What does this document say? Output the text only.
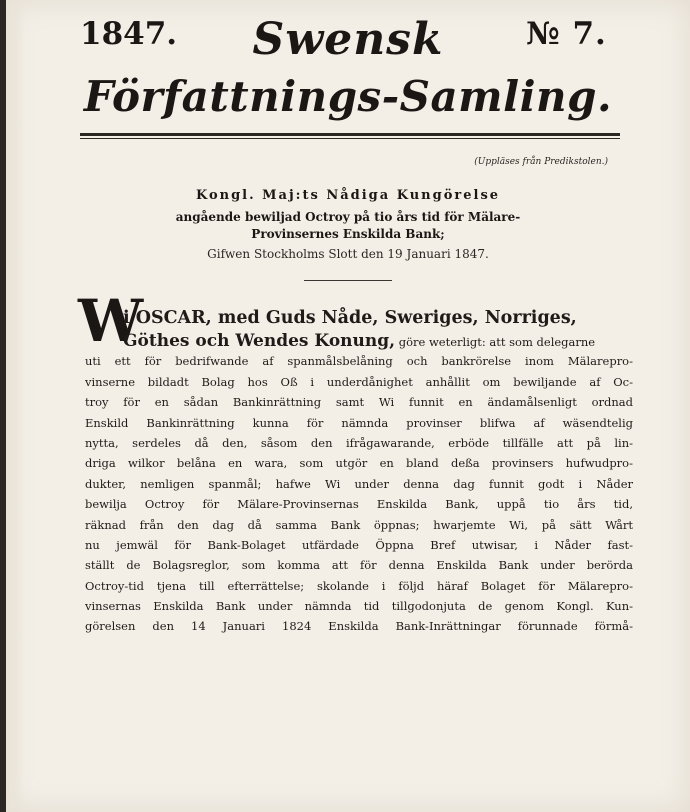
1847.	Swensk	№ 7.
Författnings-Samling.
(Uppläses från Predikstolen.)
Kongl. Maj:ts Nådiga Kungörelse
angående bewiljad Octroy på tio års tid för Mälare-Provinsernes Enskilda Bank;
Gifwen Stockholms Slott den 19 Januari 1847.
W
i OSCAR, med Guds Nåde, Sweriges, Norriges,
Göthes och Wendes Konung, göre weterligt: att som delegarne
uti ett för bedrifwande af spanmålsbelåning och bankrörelse inom Mälarepro-
vinserne bildadt Bolag hos Oß i underdånighet anhållit om bewiljande af Oc-
troy för en sådan Bankinrättning samt Wi funnit en ändamålsenligt ordnad
Enskild Bankinrättning kunna för nämnda provinser blifwa af wäsendtelig
nytta, serdeles då den, såsom den ifrågawarande, erböde tillfälle att på lin-
driga wilkor belåna en wara, som utgör en bland deßa provinsers hufwudpro-
dukter, nemligen spanmål; hafwe Wi under denna dag funnit godt i Nåder
bewilja Octroy för Mälare-Provinsernas Enskilda Bank, uppå tio års tid,
räknad från den dag då samma Bank öppnas; hwarjemte Wi, på sätt Wårt
nu jemwäl för Bank-Bolaget utfärdade Öppna Bref utwisar, i Nåder fast-
ställt de Bolagsreglor, som komma att för denna Enskilda Bank under berörda
Octroy-tid tjena till efterrättelse; skolande i följd häraf Bolaget för Mälarepro-
vinsernas Enskilda Bank under nämnda tid tillgodonjuta de genom Kongl. Kun-
görelsen den 14 Januari 1824 Enskilda Bank-Inrättningar förunnade förmå-
